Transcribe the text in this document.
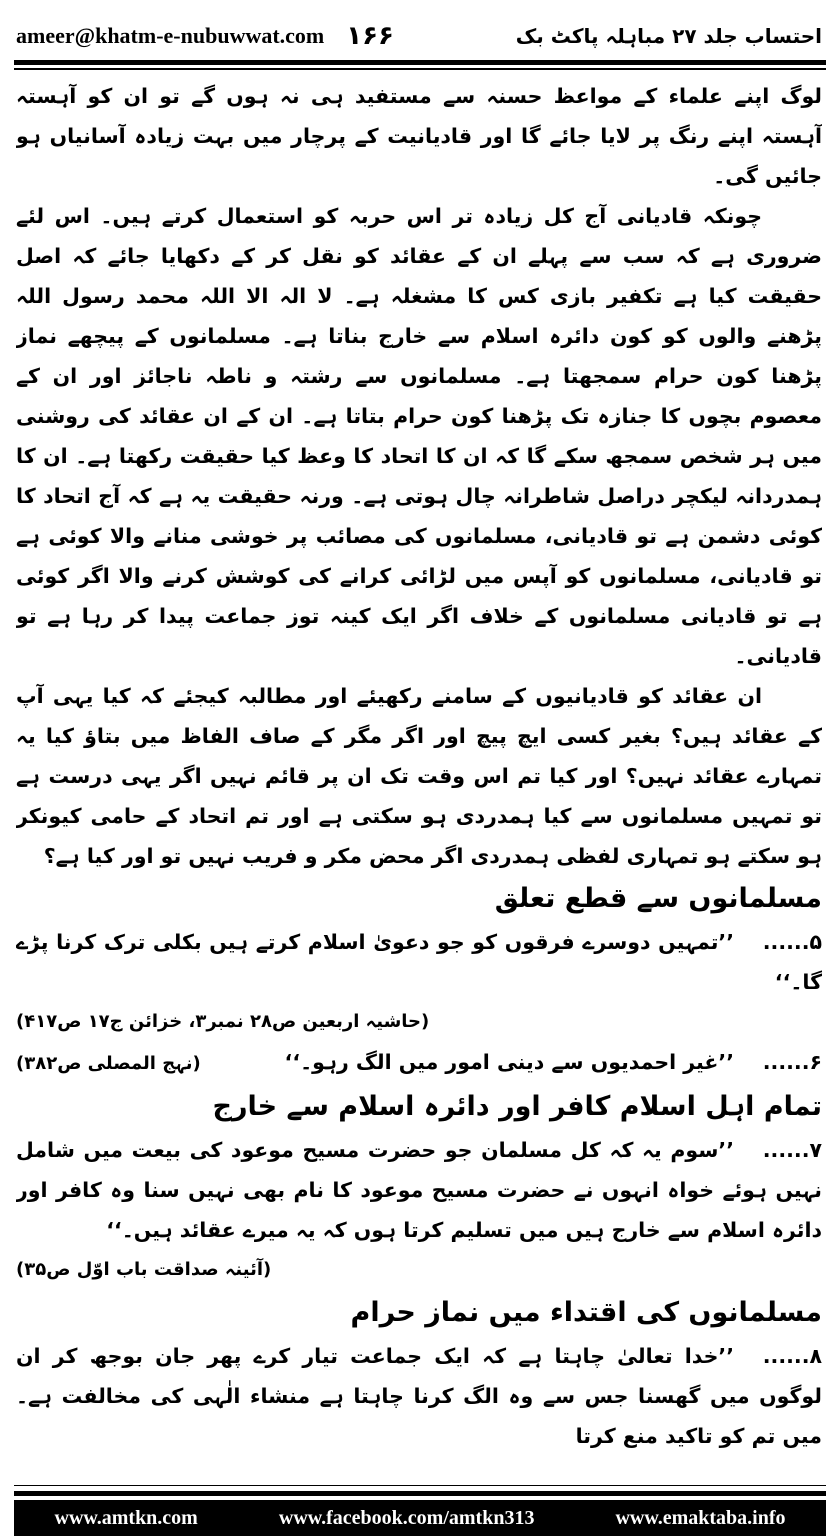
ameer@khatm-e-nubuwwat.com ۱۶۶	احتساب جلد ۲۷ مباہلہ پاکٹ بک

لوگ اپنے علماء کے مواعظ حسنہ سے مستفید ہی نہ ہوں گے تو ان کو آہستہ آہستہ اپنے رنگ پر لایا جائے گا اور قادیانیت کے پرچار میں بہت زیادہ آسانیاں ہو جائیں گی۔

چونکہ قادیانی آج کل زیادہ تر اس حربہ کو استعمال کرتے ہیں۔ اس لئے ضروری ہے کہ سب سے پہلے ان کے عقائد کو نقل کر کے دکھایا جائے کہ اصل حقیقت کیا ہے تکفیر بازی کس کا مشغلہ ہے۔ لا الہ الا اللہ محمد رسول اللہ پڑھنے والوں کو کون دائرہ اسلام سے خارج بناتا ہے۔ مسلمانوں کے پیچھے نماز پڑھنا کون حرام سمجھتا ہے۔ مسلمانوں سے رشتہ و ناطہ ناجائز اور ان کے معصوم بچوں کا جنازہ تک پڑھنا کون حرام بتاتا ہے۔ ان کے ان عقائد کی روشنی میں ہر شخص سمجھ سکے گا کہ ان کا اتحاد کا وعظ کیا حقیقت رکھتا ہے۔ ان کا ہمدردانہ لیکچر دراصل شاطرانہ چال ہوتی ہے۔ ورنہ حقیقت یہ ہے کہ آج اتحاد کا کوئی دشمن ہے تو قادیانی، مسلمانوں کی مصائب پر خوشی منانے والا کوئی ہے تو قادیانی، مسلمانوں کو آپس میں لڑائی کرانے کی کوشش کرنے والا اگر کوئی ہے تو قادیانی مسلمانوں کے خلاف اگر ایک کینہ توز جماعت پیدا کر رہا ہے تو قادیانی۔

ان عقائد کو قادیانیوں کے سامنے رکھیئے اور مطالبہ کیجئے کہ کیا یہی آپ کے عقائد ہیں؟ بغیر کسی ایچ پیچ اور اگر مگر کے صاف الفاظ میں بتاؤ کیا یہ تمہارے عقائد نہیں؟ اور کیا تم اس وقت تک ان پر قائم نہیں اگر یہی درست ہے تو تمہیں مسلمانوں سے کیا ہمدردی ہو سکتی ہے اور تم اتحاد کے حامی کیونکر ہو سکتے ہو تمہاری لفظی ہمدردی اگر محض مکر و فریب نہیں تو اور کیا ہے؟

مسلمانوں سے قطع تعلق

۵......’’تمہیں دوسرے فرقوں کو جو دعویٰ اسلام کرتے ہیں بکلی ترک کرنا پڑے گا۔‘‘

(حاشیہ اربعین ص۲۸ نمبر۳، خزائن ج۱۷ ص۴۱۷)

۶......’’غیر احمدیوں سے دینی امور میں الگ رہو۔‘‘
(نہج المصلی ص۳۸۲)

تمام اہل اسلام کافر اور دائرہ اسلام سے خارج

۷......’’سوم یہ کہ کل مسلمان جو حضرت مسیح موعود کی بیعت میں شامل نہیں ہوئے خواہ انہوں نے حضرت مسیح موعود کا نام بھی نہیں سنا وہ کافر اور دائرہ اسلام سے خارج ہیں میں تسلیم کرتا ہوں کہ یہ میرے عقائد ہیں۔‘‘

(آئینہ صداقت باب اوّل ص۳۵)

مسلمانوں کی اقتداء میں نماز حرام

۸......’’خدا تعالیٰ چاہتا ہے کہ ایک جماعت تیار کرے پھر جان بوجھ کر ان لوگوں میں گھسنا جس سے وہ الگ کرنا چاہتا ہے منشاء الٰہی کی مخالفت ہے۔ میں تم کو تاکید منع کرتا

www.amtkn.com	www.facebook.com/amtkn313	www.emaktaba.info
